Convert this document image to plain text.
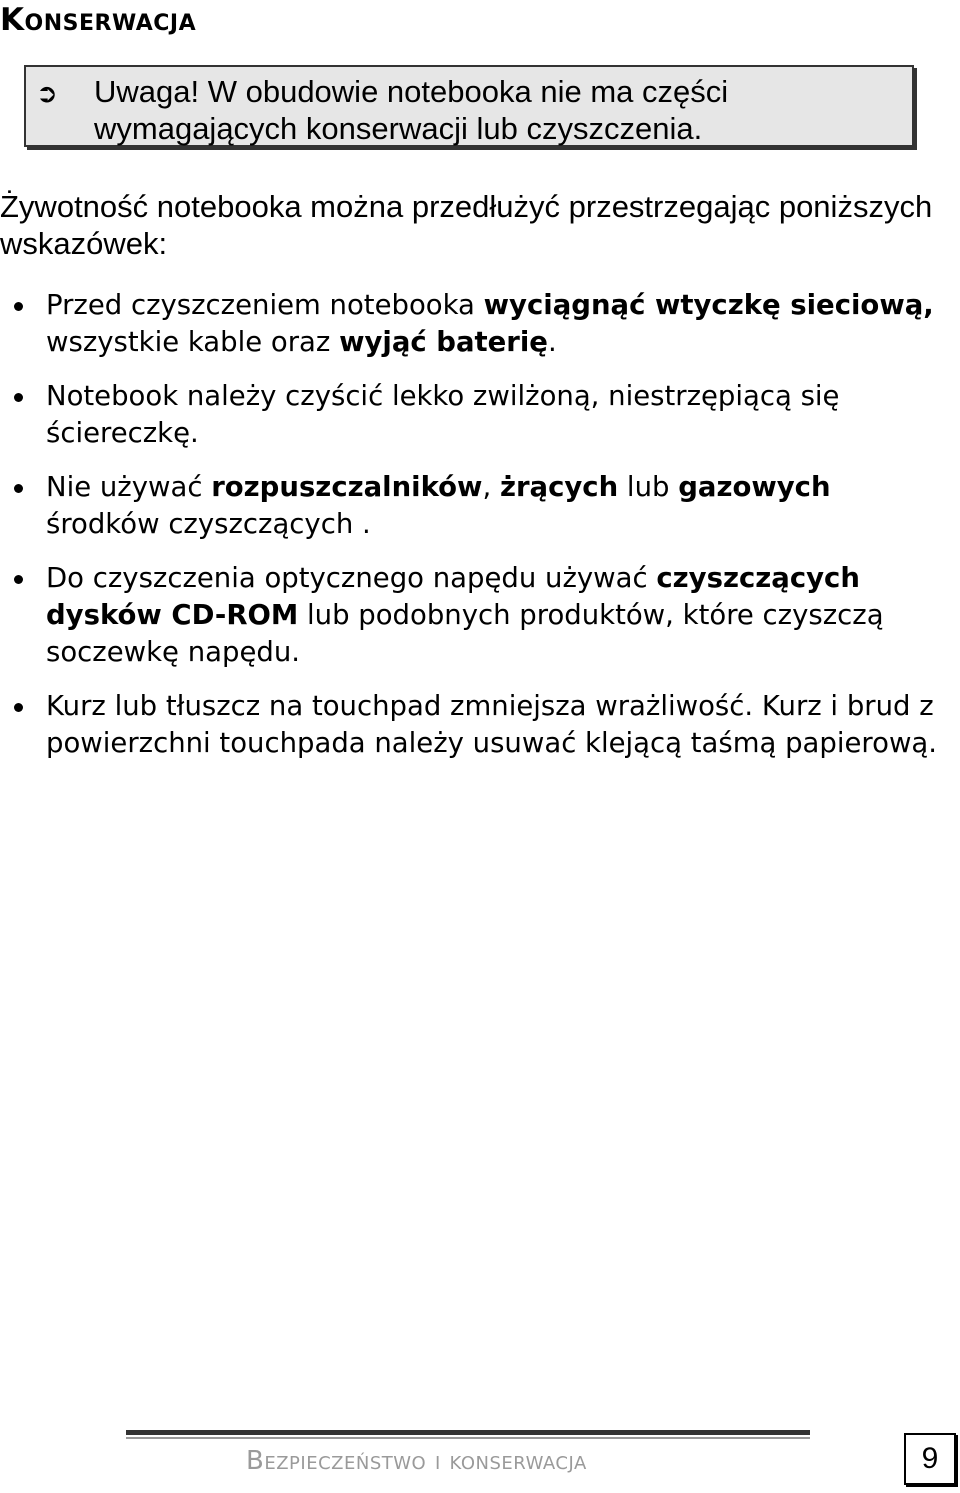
Konserwacja
➲ Uwaga! W obudowie notebooka nie ma części wymagających konserwacji lub czyszczenia.

Żywotność notebooka można przedłużyć przestrzegając poniższych wskazówek:

Przed czyszczeniem notebooka wyciągnąć wtyczkę sieciową, wszystkie kable oraz wyjąć baterię.
Notebook należy czyścić lekko zwilżoną, niestrzępiącą się ściereczkę.
Nie używać rozpuszczalników, żrących lub gazowych środków czyszczących .
Do czyszczenia optycznego napędu używać czyszczących dysków CD-ROM lub podobnych produktów, które czyszczą soczewkę napędu.
Kurz lub tłuszcz na touchpad zmniejsza wrażliwość. Kurz i brud z powierzchni touchpada należy usuwać klejącą taśmą papierową.
Bezpieczeństwo i konserwacja	9
